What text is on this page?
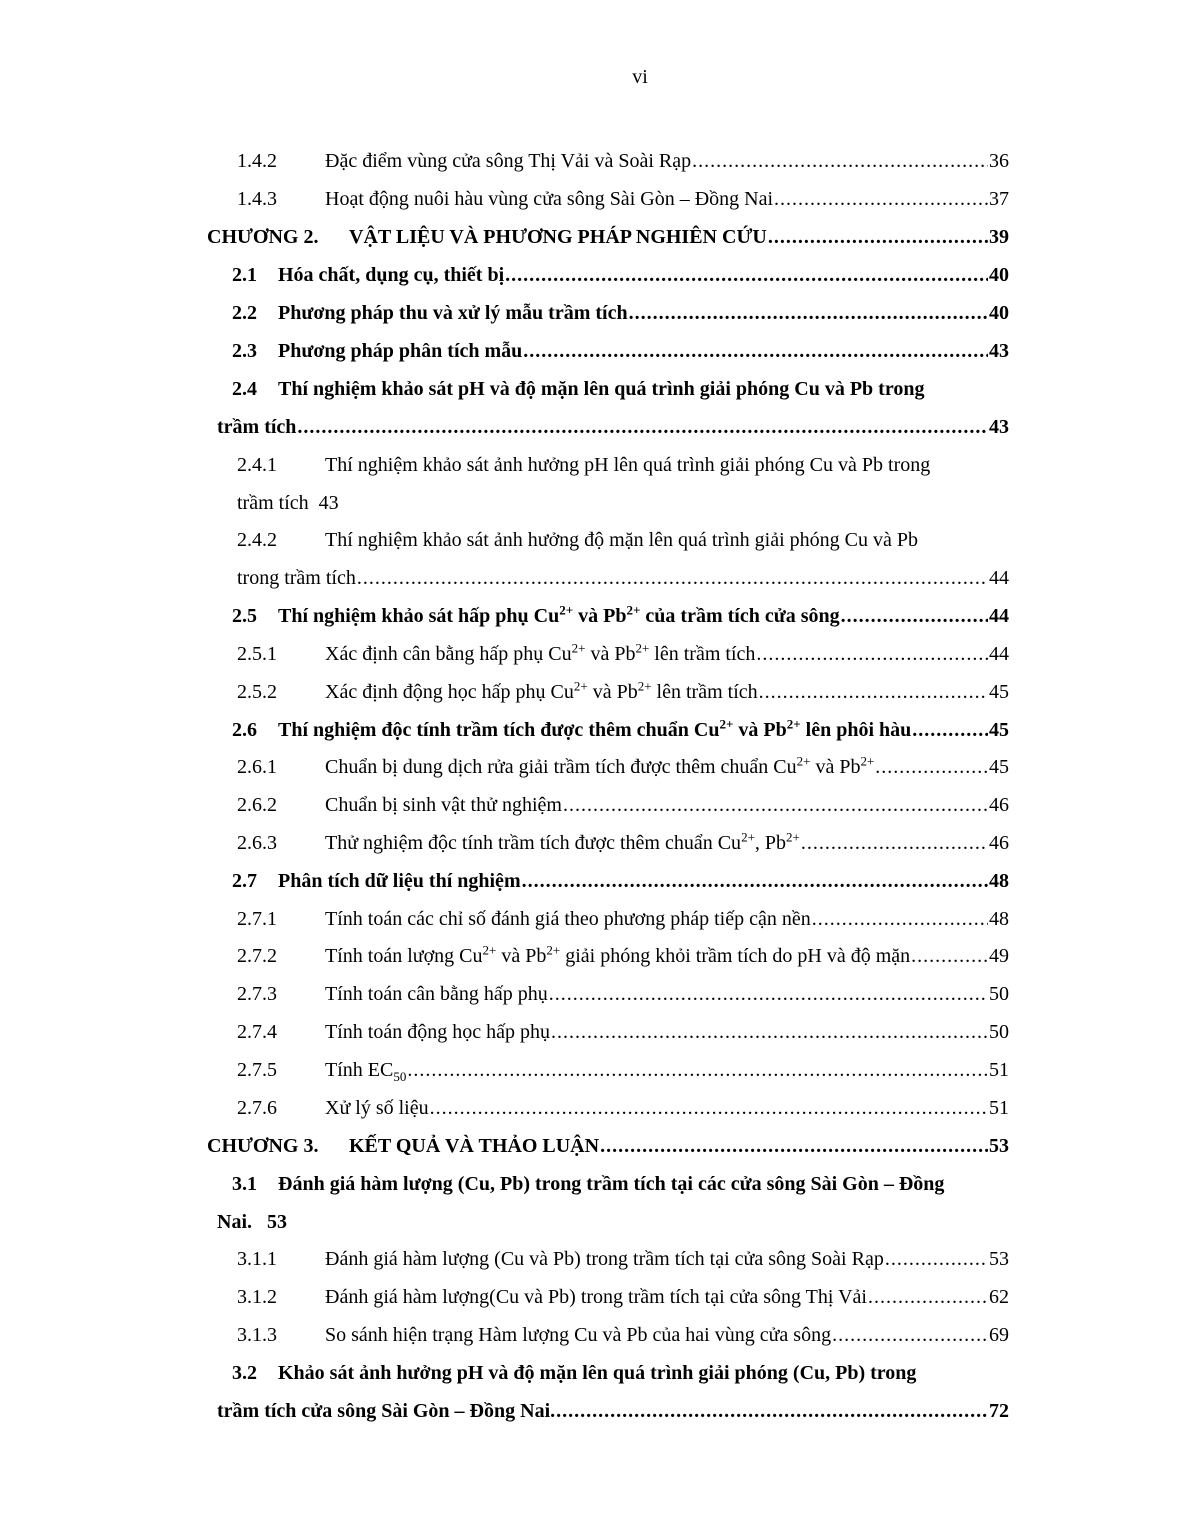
vi
1.4.2 Đặc điểm vùng cửa sông Thị Vải và Soài Rạp .....	36
1.4.3 Hoạt động nuôi hàu vùng cửa sông Sài Gòn – Đồng Nai .....	37
CHƯƠNG 2. VẬT LIỆU VÀ PHƯƠNG PHÁP NGHIÊN CỨU .....	39
2.1 Hóa chất, dụng cụ, thiết bị .....	40
2.2 Phương pháp thu và xử lý mẫu trầm tích .....	40
2.3 Phương pháp phân tích mẫu .....	43
2.4 Thí nghiệm khảo sát pH và độ mặn lên quá trình giải phóng Cu và Pb trong
trầm tích .....	43
2.4.1 Thí nghiệm khảo sát ảnh hưởng pH lên quá trình giải phóng Cu và Pb trong
trầm tích 43
2.4.2 Thí nghiệm khảo sát ảnh hưởng độ mặn lên quá trình giải phóng Cu và Pb
trong trầm tích .....	44
2.5 Thí nghiệm khảo sát hấp phụ $Cu^{2+}$ và $Pb^{2+}$ của trầm tích cửa sông .....	44
2.5.1 Xác định cân bằng hấp phụ $Cu^{2+}$ và $Pb^{2+}$ lên trầm tích .....	44
2.5.2 Xác định động học hấp phụ $Cu^{2+}$ và $Pb^{2+}$ lên trầm tích .....	45
2.6 Thí nghiệm độc tính trầm tích được thêm chuẩn $Cu^{2+}$ và $Pb^{2+}$ lên phôi hàu .....	45
2.6.1 Chuẩn bị dung dịch rửa giải trầm tích được thêm chuẩn $Cu^{2+}$ và $Pb^{2+}$ .....	45
2.6.2 Chuẩn bị sinh vật thử nghiệm .....	46
2.6.3 Thử nghiệm độc tính trầm tích được thêm chuẩn $Cu^{2+}$, $Pb^{2+}$ .....	46
2.7 Phân tích dữ liệu thí nghiệm .....	48
2.7.1 Tính toán các chỉ số đánh giá theo phương pháp tiếp cận nền .....	48
2.7.2 Tính toán lượng $Cu^{2+}$ và $Pb^{2+}$ giải phóng khỏi trầm tích do pH và độ mặn .....	49
2.7.3 Tính toán cân bằng hấp phụ .....	50
2.7.4 Tính toán động học hấp phụ .....	50
2.7.5 Tính $EC_{50}$ .....	51
2.7.6 Xử lý số liệu .....	51
CHƯƠNG 3. KẾT QUẢ VÀ THẢO LUẬN .....	53
3.1 Đánh giá hàm lượng (Cu, Pb) trong trầm tích tại các cửa sông Sài Gòn – Đồng
Nai. 53
3.1.1 Đánh giá hàm lượng (Cu và Pb) trong trầm tích tại cửa sông Soài Rạp .....	53
3.1.2 Đánh giá hàm lượng(Cu và Pb) trong trầm tích tại cửa sông Thị Vải .....	62
3.1.3 So sánh hiện trạng Hàm lượng Cu và Pb của hai vùng cửa sông .....	69
3.2 Khảo sát ảnh hưởng pH và độ mặn lên quá trình giải phóng (Cu, Pb) trong
trầm tích cửa sông Sài Gòn – Đồng Nai. .....	72
